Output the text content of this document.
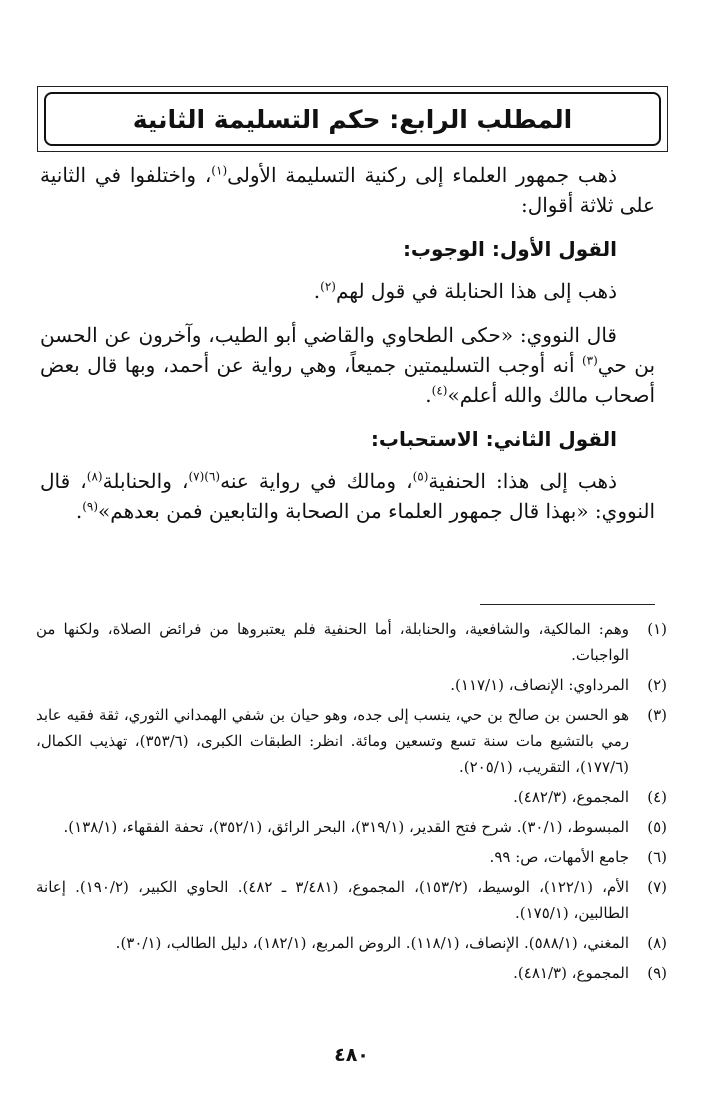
المطلب الرابع: حكم التسليمة الثانية

ذهب جمهور العلماء إلى ركنية التسليمة الأولى$^{(١)}$، واختلفوا في الثانية على ثلاثة أقوال:

القول الأول: الوجوب:

ذهب إلى هذا الحنابلة في قول لهم$^{(٢)}$.

قال النووي: «حكى الطحاوي والقاضي أبو الطيب، وآخرون عن الحسن بن حي$^{(٣)}$ أنه أوجب التسليمتين جميعاً، وهي رواية عن أحمد، وبها قال بعض أصحاب مالك والله أعلم»$^{(٤)}$.

القول الثاني: الاستحباب:

ذهب إلى هذا: الحنفية$^{(٥)}$، ومالك في رواية عنه$^{(٦)(٧)}$، والحنابلة$^{(٨)}$، قال النووي: «بهذا قال جمهور العلماء من الصحابة والتابعين فمن بعدهم»$^{(٩)}$.

(١)
وهم: المالكية، والشافعية، والحنابلة، أما الحنفية فلم يعتبروها من فرائض الصلاة، ولكنها من الواجبات.
(٢)
المرداوي: الإنصاف، (١١٧/١).
(٣)
هو الحسن بن صالح بن حي، ينسب إلى جده، وهو حيان بن شفي الهمداني الثوري، ثقة فقيه عابد رمي بالتشيع مات سنة تسع وتسعين ومائة. انظر: الطبقات الكبرى، (٣٥٣/٦)، تهذيب الكمال، (١٧٧/٦)، التقريب، (٢٠٥/١).
(٤)
المجموع، (٤٨٢/٣).
(٥)
المبسوط، (٣٠/١). شرح فتح القدير، (٣١٩/١)، البحر الرائق، (٣٥٢/١)، تحفة الفقهاء، (١٣٨/١).
(٦)
جامع الأمهات، ص: ٩٩.
(٧)
الأم، (١٢٢/١)، الوسيط، (١٥٣/٢)، المجموع، (٣/٤٨١ ـ ٤٨٢). الحاوي الكبير، (١٩٠/٢). إعانة الطالبين، (١٧٥/١).
(٨)
المغني، (٥٨٨/١). الإنصاف، (١١٨/١). الروض المربع، (١٨٢/١)، دليل الطالب، (٣٠/١).
(٩)
المجموع، (٤٨١/٣).
٤٨٠
